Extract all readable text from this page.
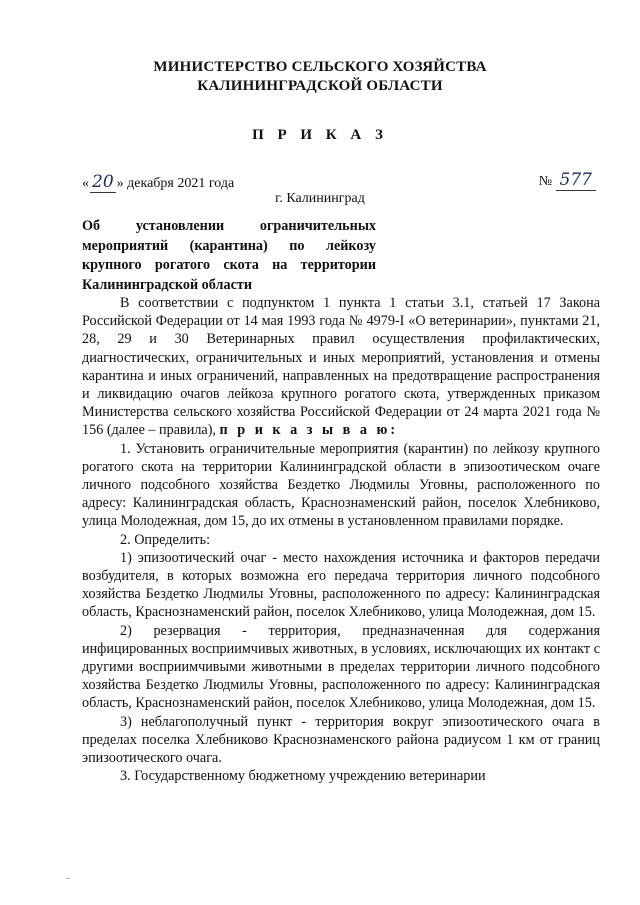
МИНИСТЕРСТВО СЕЛЬСКОГО ХОЗЯЙСТВА
КАЛИНИНГРАДСКОЙ ОБЛАСТИ
П Р И К А З
« 20 » декабря 2021 года	№ 577
г. Калининград
Об установлении ограничительных мероприятий (карантина) по лейкозу крупного рогатого скота на территории Калининградской области

В соответствии с подпунктом 1 пункта 1 статьи 3.1, статьей 17 Закона Российской Федерации от 14 мая 1993 года № 4979-I «О ветеринарии», пунктами 21, 28, 29 и 30 Ветеринарных правил осуществления профилактических, диагностических, ограничительных и иных мероприятий, установления и отмены карантина и иных ограничений, направленных на предотвращение распространения и ликвидацию очагов лейкоза крупного рогатого скота, утвержденных приказом Министерства сельского хозяйства Российской Федерации от 24 марта 2021 года № 156 (далее – правила), п р и к а з ы в а ю:

1. Установить ограничительные мероприятия (карантин) по лейкозу крупного рогатого скота на территории Калининградской области в эпизоотическом очаге личного подсобного хозяйства Бездетко Людмилы Уговны, расположенного по адресу: Калининградская область, Краснознаменский район, поселок Хлебниково, улица Молодежная, дом 15, до их отмены в установленном правилами порядке.

2. Определить:

1) эпизоотический очаг - место нахождения источника и факторов передачи возбудителя, в которых возможна его передача территория личного подсобного хозяйства Бездетко Людмилы Уговны, расположенного по адресу: Калининградская область, Краснознаменский район, поселок Хлебниково, улица Молодежная, дом 15.

2) резервация - территория, предназначенная для содержания инфицированных восприимчивых животных, в условиях, исключающих их контакт с другими восприимчивыми животными в пределах территории личного подсобного хозяйства Бездетко Людмилы Уговны, расположенного по адресу: Калининградская область, Краснознаменский район, поселок Хлебниково, улица Молодежная, дом 15.

3) неблагополучный пункт - территория вокруг эпизоотического очага в пределах поселка Хлебниково Краснознаменского района радиусом 1 км от границ эпизоотического очага.

3. Государственному бюджетному учреждению ветеринарии
